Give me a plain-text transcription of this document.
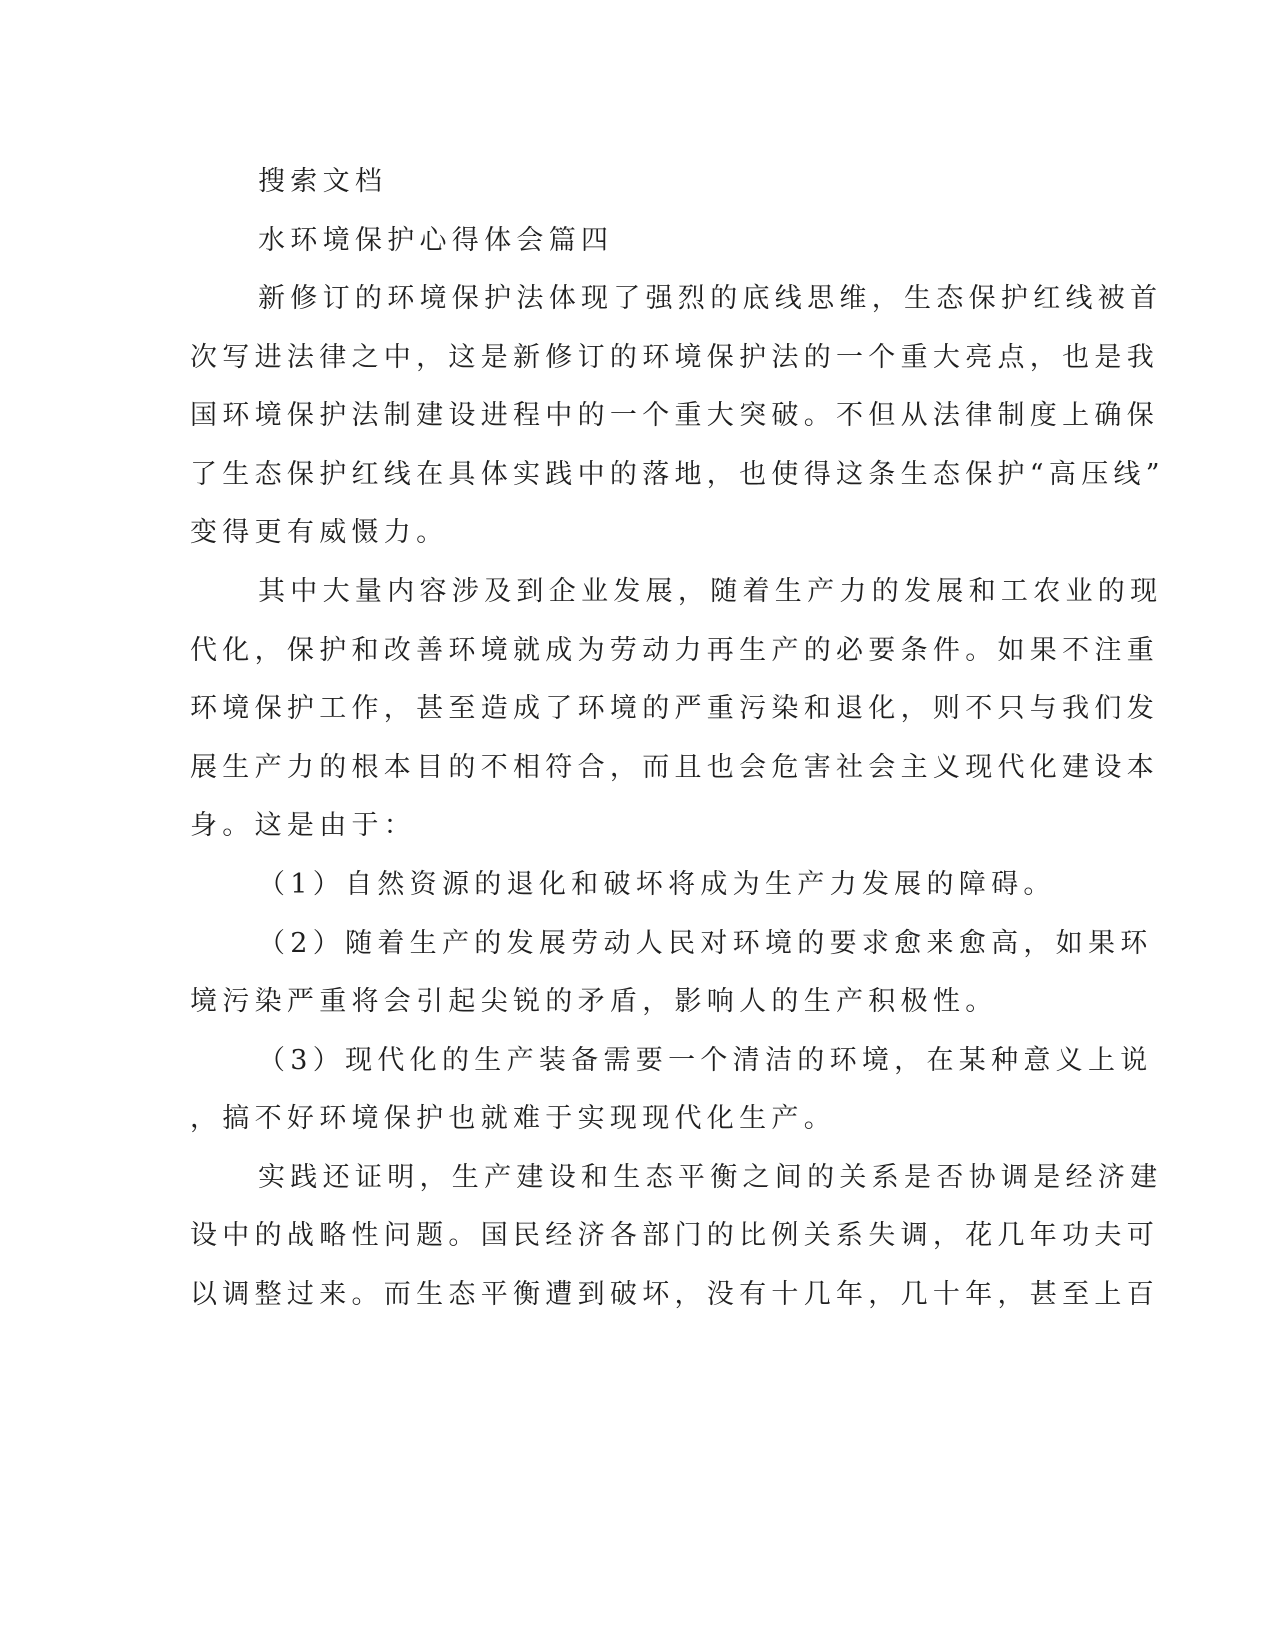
搜索文档
水环境保护心得体会篇四
新修订的环境保护法体现了强烈的底线思维，生态保护红线被首
次写进法律之中，这是新修订的环境保护法的一个重大亮点，也是我
国环境保护法制建设进程中的一个重大突破。不但从法律制度上确保
了生态保护红线在具体实践中的落地，也使得这条生态保护“高压线”
变得更有威慑力。
其中大量内容涉及到企业发展，随着生产力的发展和工农业的现
代化，保护和改善环境就成为劳动力再生产的必要条件。如果不注重
环境保护工作，甚至造成了环境的严重污染和退化，则不只与我们发
展生产力的根本目的不相符合，而且也会危害社会主义现代化建设本
身。这是由于：
（1）自然资源的退化和破坏将成为生产力发展的障碍。
（2）随着生产的发展劳动人民对环境的要求愈来愈高，如果环
境污染严重将会引起尖锐的矛盾，影响人的生产积极性。
（3）现代化的生产装备需要一个清洁的环境，在某种意义上说
，搞不好环境保护也就难于实现现代化生产。
实践还证明，生产建设和生态平衡之间的关系是否协调是经济建
设中的战略性问题。国民经济各部门的比例关系失调，花几年功夫可
以调整过来。而生态平衡遭到破坏，没有十几年，几十年，甚至上百
